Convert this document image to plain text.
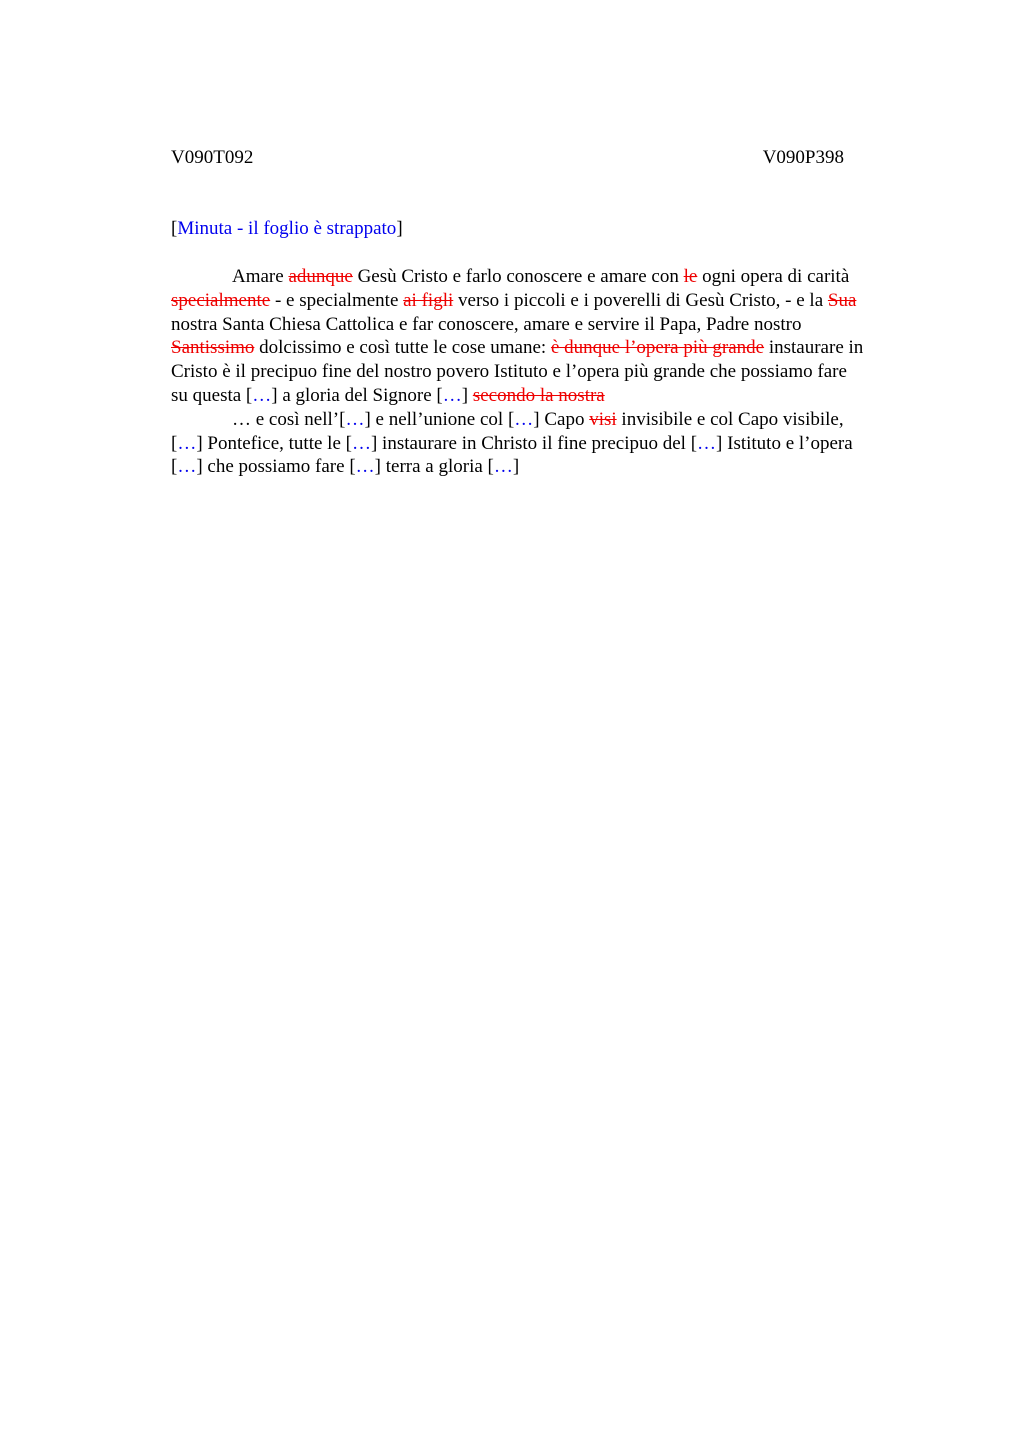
V090T092	V090P398
[Minuta - il foglio è strappato]
Amare adunque Gesù Cristo e farlo conoscere e amare con le ogni opera di carità
specialmente - e specialmente ai figli verso i piccoli e i poverelli di Gesù Cristo, - e la Sua
nostra Santa Chiesa Cattolica e far conoscere, amare e servire il Papa, Padre nostro
Santissimo dolcissimo e così tutte le cose umane: è dunque l’opera più grande instaurare in
Cristo è il precipuo fine del nostro povero Istituto e l’opera più grande che possiamo fare
su questa […] a gloria del Signore […] secondo la nostra
… e così nell’[…] e nell’unione col […] Capo visi invisibile e col Capo visibile,
[…] Pontefice, tutte le […] instaurare in Christo il fine precipuo del […] Istituto e l’opera
[…] che possiamo fare […] terra a gloria […]
